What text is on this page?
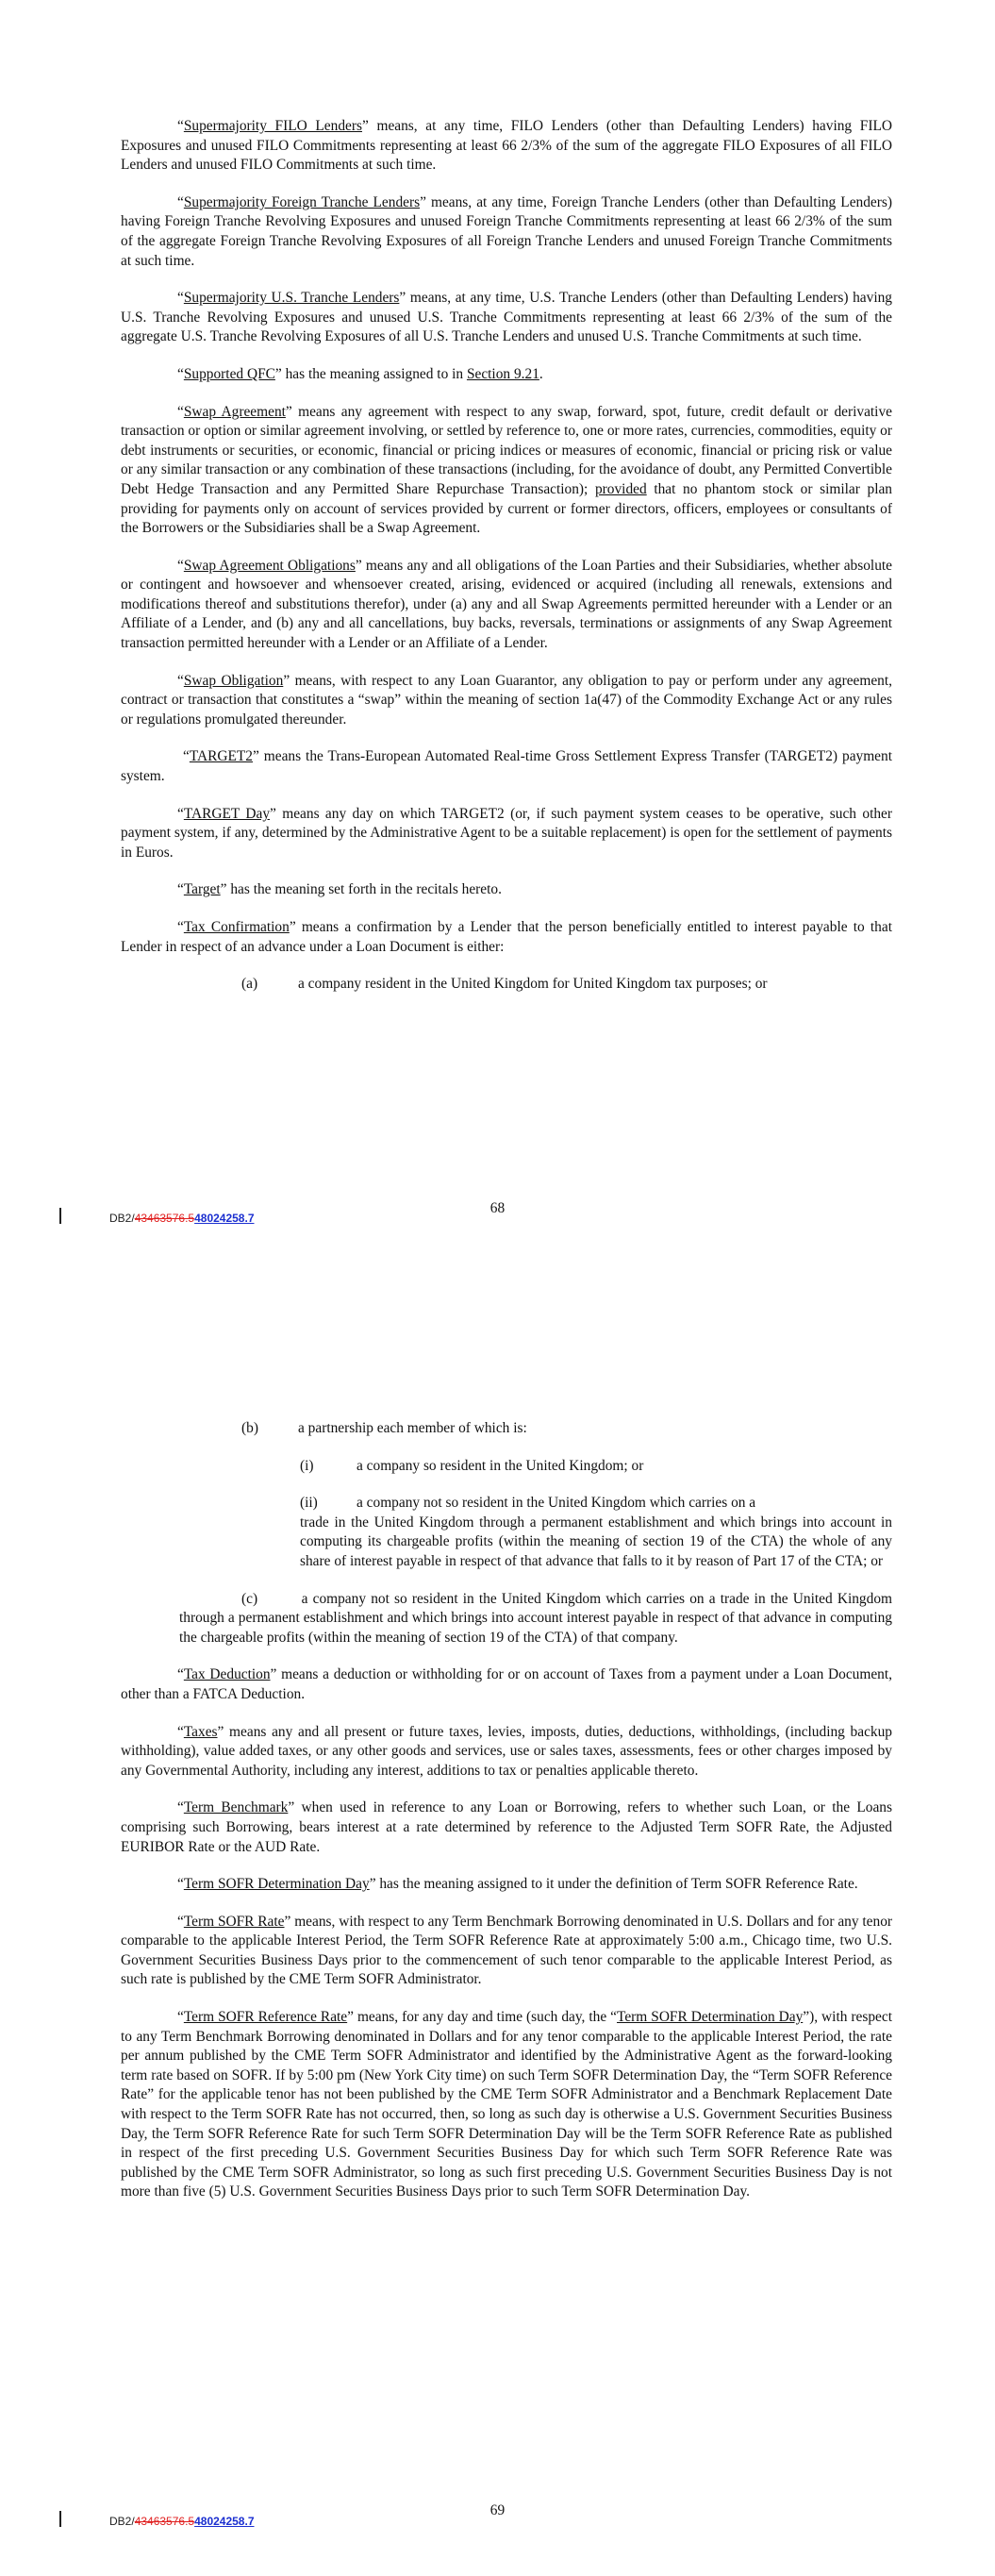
“Supermajority FILO Lenders” means, at any time, FILO Lenders (other than Defaulting Lenders) having FILO Exposures and unused FILO Commitments representing at least 66 2/3% of the sum of the aggregate FILO Exposures of all FILO Lenders and unused FILO Commitments at such time.

“Supermajority Foreign Tranche Lenders” means, at any time, Foreign Tranche Lenders (other than Defaulting Lenders) having Foreign Tranche Revolving Exposures and unused Foreign Tranche Commitments representing at least 66 2/3% of the sum of the aggregate Foreign Tranche Revolving Exposures of all Foreign Tranche Lenders and unused Foreign Tranche Commitments at such time.

“Supermajority U.S. Tranche Lenders” means, at any time, U.S. Tranche Lenders (other than Defaulting Lenders) having U.S. Tranche Revolving Exposures and unused U.S. Tranche Commitments representing at least 66 2/3% of the sum of the aggregate U.S. Tranche Revolving Exposures of all U.S. Tranche Lenders and unused U.S. Tranche Commitments at such time.

“Supported QFC” has the meaning assigned to in Section 9.21.

“Swap Agreement” means any agreement with respect to any swap, forward, spot, future, credit default or derivative transaction or option or similar agreement involving, or settled by reference to, one or more rates, currencies, commodities, equity or debt instruments or securities, or economic, financial or pricing indices or measures of economic, financial or pricing risk or value or any similar transaction or any combination of these transactions (including, for the avoidance of doubt, any Permitted Convertible Debt Hedge Transaction and any Permitted Share Repurchase Transaction); provided that no phantom stock or similar plan providing for payments only on account of services provided by current or former directors, officers, employees or consultants of the Borrowers or the Subsidiaries shall be a Swap Agreement.

“Swap Agreement Obligations” means any and all obligations of the Loan Parties and their Subsidiaries, whether absolute or contingent and howsoever and whensoever created, arising, evidenced or acquired (including all renewals, extensions and modifications thereof and substitutions therefor), under (a) any and all Swap Agreements permitted hereunder with a Lender or an Affiliate of a Lender, and (b) any and all cancellations, buy backs, reversals, terminations or assignments of any Swap Agreement transaction permitted hereunder with a Lender or an Affiliate of a Lender.

“Swap Obligation” means, with respect to any Loan Guarantor, any obligation to pay or perform under any agreement, contract or transaction that constitutes a “swap” within the meaning of section 1a(47) of the Commodity Exchange Act or any rules or regulations promulgated thereunder.

“TARGET2” means the Trans-European Automated Real-time Gross Settlement Express Transfer (TARGET2) payment system.

“TARGET Day” means any day on which TARGET2 (or, if such payment system ceases to be operative, such other payment system, if any, determined by the Administrative Agent to be a suitable replacement) is open for the settlement of payments in Euros.

“Target” has the meaning set forth in the recitals hereto.

“Tax Confirmation” means a confirmation by a Lender that the person beneficially entitled to interest payable to that Lender in respect of an advance under a Loan Document is either:

(a)	a company resident in the United Kingdom for United Kingdom tax purposes; or
68
DB2/43463576.548024258.7
(b)	a partnership each member of which is:
(i)	a company so resident in the United Kingdom; or
(ii)	a company not so resident in the United Kingdom which carries on a
trade in the United Kingdom through a permanent establishment and which brings into account in computing its chargeable profits (within the meaning of section 19 of the CTA) the whole of any share of interest payable in respect of that advance that falls to it by reason of Part 17 of the CTA; or
(c)	a company not so resident in the United Kingdom which carries on a trade in the United Kingdom through a permanent establishment and which brings into account interest payable in respect of that advance in computing the chargeable profits (within the meaning of section 19 of the CTA) of that company.

“Tax Deduction” means a deduction or withholding for or on account of Taxes from a payment under a Loan Document, other than a FATCA Deduction.

“Taxes” means any and all present or future taxes, levies, imposts, duties, deductions, withholdings, (including backup withholding), value added taxes, or any other goods and services, use or sales taxes, assessments, fees or other charges imposed by any Governmental Authority, including any interest, additions to tax or penalties applicable thereto.

“Term Benchmark” when used in reference to any Loan or Borrowing, refers to whether such Loan, or the Loans comprising such Borrowing, bears interest at a rate determined by reference to the Adjusted Term SOFR Rate, the Adjusted EURIBOR Rate or the AUD Rate.

“Term SOFR Determination Day” has the meaning assigned to it under the definition of Term SOFR Reference Rate.

“Term SOFR Rate” means, with respect to any Term Benchmark Borrowing denominated in U.S. Dollars and for any tenor comparable to the applicable Interest Period, the Term SOFR Reference Rate at approximately 5:00 a.m., Chicago time, two U.S. Government Securities Business Days prior to the commencement of such tenor comparable to the applicable Interest Period, as such rate is published by the CME Term SOFR Administrator.

“Term SOFR Reference Rate” means, for any day and time (such day, the “Term SOFR Determination Day”), with respect to any Term Benchmark Borrowing denominated in Dollars and for any tenor comparable to the applicable Interest Period, the rate per annum published by the CME Term SOFR Administrator and identified by the Administrative Agent as the forward-looking term rate based on SOFR. If by 5:00 pm (New York City time) on such Term SOFR Determination Day, the “Term SOFR Reference Rate” for the applicable tenor has not been published by the CME Term SOFR Administrator and a Benchmark Replacement Date with respect to the Term SOFR Rate has not occurred, then, so long as such day is otherwise a U.S. Government Securities Business Day, the Term SOFR Reference Rate for such Term SOFR Determination Day will be the Term SOFR Reference Rate as published in respect of the first preceding U.S. Government Securities Business Day for which such Term SOFR Reference Rate was published by the CME Term SOFR Administrator, so long as such first preceding U.S. Government Securities Business Day is not more than five (5) U.S. Government Securities Business Days prior to such Term SOFR Determination Day.

69
DB2/43463576.548024258.7
